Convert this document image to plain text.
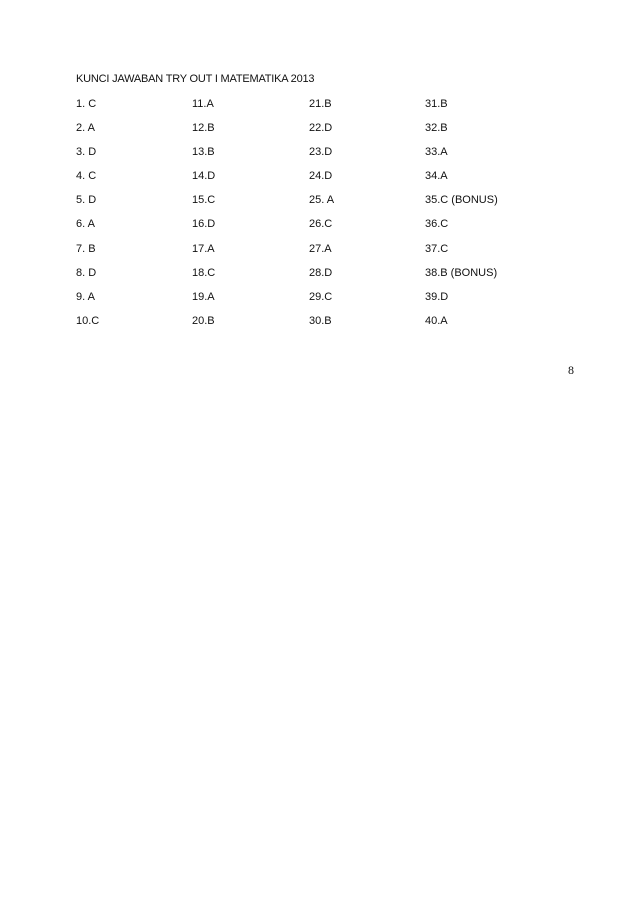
KUNCI JAWABAN TRY OUT I MATEMATIKA 2013
1. C	11.A	21.B	31.B
2. A	12.B	22.D	32.B
3. D	13.B	23.D	33.A
4. C	14.D	24.D	34.A
5. D	15.C	25. A	35.C (BONUS)
6. A	16.D	26.C	36.C
7. B	17.A	27.A	37.C
8. D	18.C	28.D	38.B (BONUS)
9. A	19.A	29.C	39.D
10.C	20.B	30.B	40.A
8
